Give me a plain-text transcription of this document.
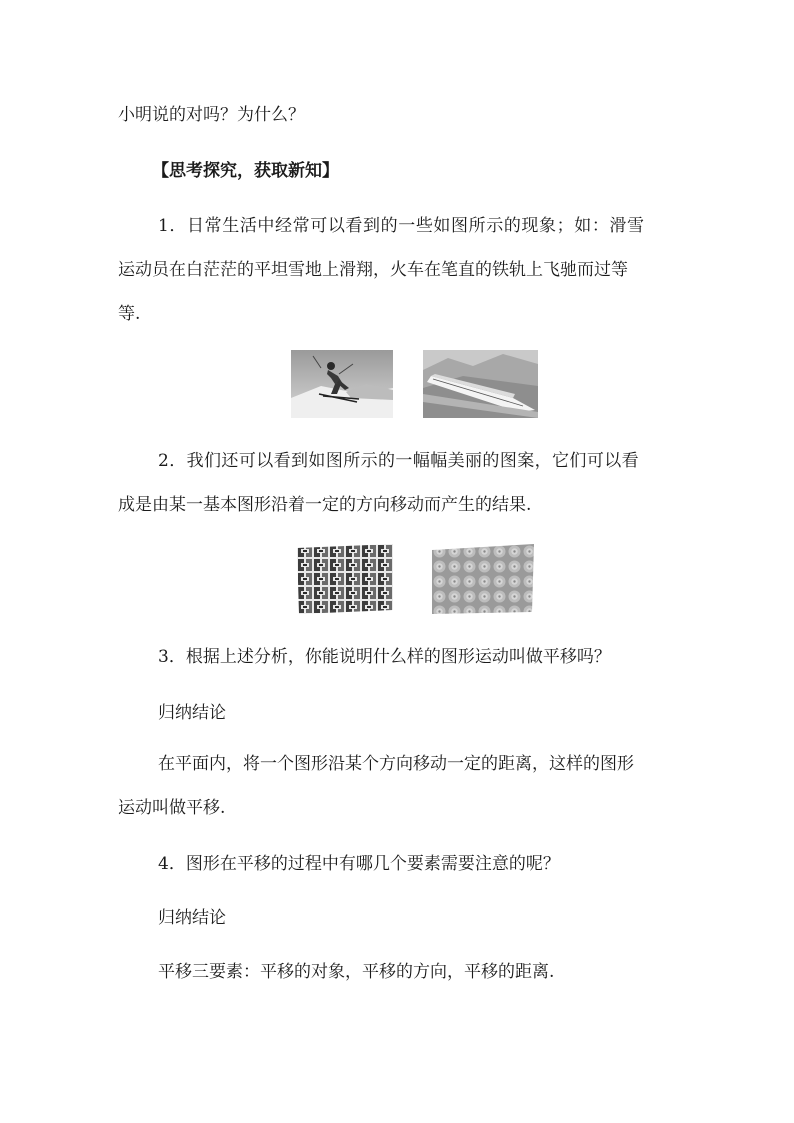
小明说的对吗？为什么？
【思考探究，获取新知】
1．日常生活中经常可以看到的一些如图所示的现象；如：滑雪
运动员在白茫茫的平坦雪地上滑翔，火车在笔直的铁轨上飞驰而过等
等.
2．我们还可以看到如图所示的一幅幅美丽的图案，它们可以看
成是由某一基本图形沿着一定的方向移动而产生的结果.
3．根据上述分析，你能说明什么样的图形运动叫做平移吗？
归纳结论
在平面内，将一个图形沿某个方向移动一定的距离，这样的图形
运动叫做平移.
4．图形在平移的过程中有哪几个要素需要注意的呢？
归纳结论
平移三要素：平移的对象，平移的方向，平移的距离.
